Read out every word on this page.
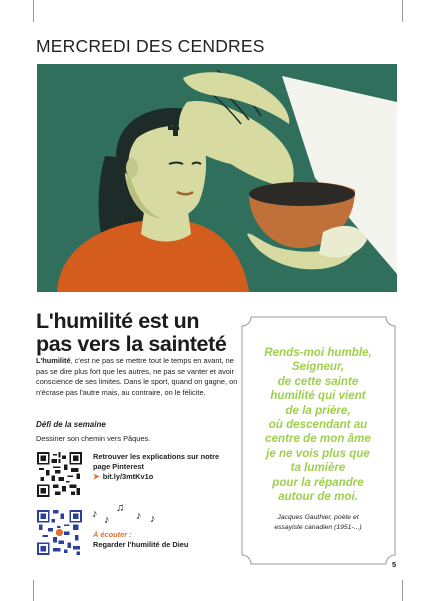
MERCREDI DES CENDRES
L'humilité est un pas vers la sainteté

L'humilité, c'est ne pas se mettre tout le temps en avant, ne pas se dire plus fort que les autres, ne pas se vanter et avoir conscience de ses limites. Dans le sport, quand on gagne, on n'écrase pas l'autre mais, au contraire, on le félicite.

Défi de la semaine
Dessiner son chemin vers Pâques.
Retrouver les explications sur notre page Pinterest
➤ bit.ly/3mtKv1o
♪ ♪
♫
♪ ♪
À écouter :
Regarder l'humilité de Dieu
Rends-moi humble,
Seigneur,
de cette sainte
humilité qui vient
de la prière,
où descendant au
centre de mon âme
je ne vois plus que
ta lumière
pour la répandre
autour de moi.
Jacques Gauthier, poète et
essayiste canadien (1951-...)
5
